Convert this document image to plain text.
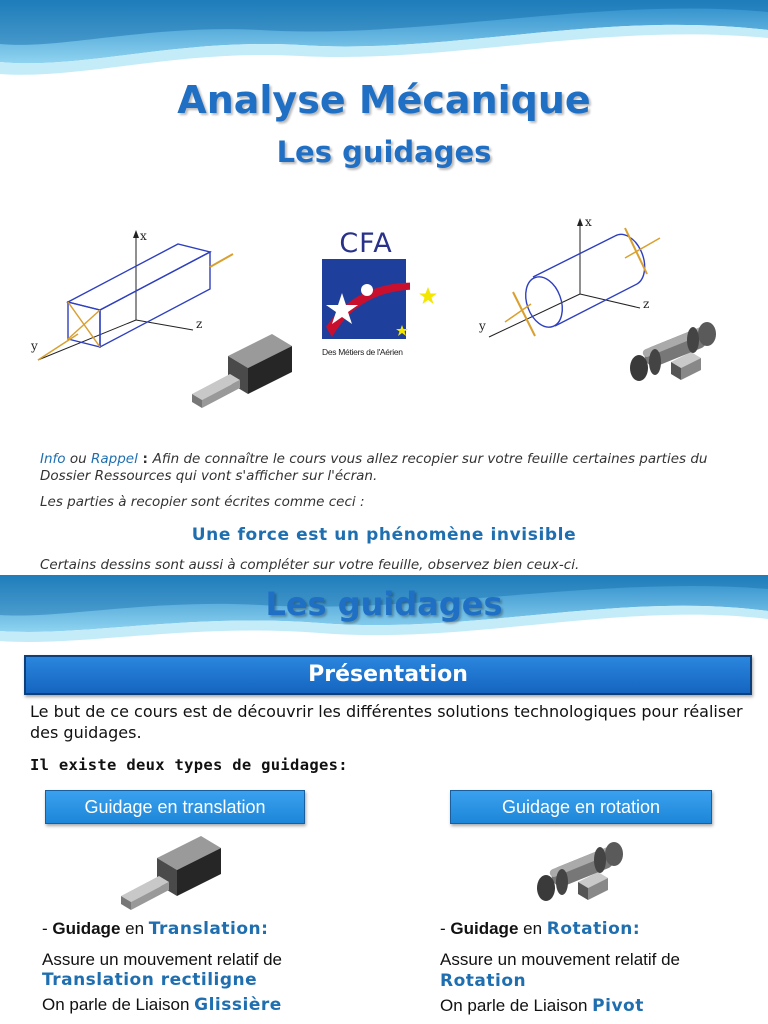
Analyse Mécanique
Les guidages
x
z
y
CFA
Des Métiers de l'Aérien
x
z
y
Info ou Rappel : Afin de connaître le cours vous allez recopier sur votre feuille certaines parties du Dossier Ressources qui vont s'afficher sur l'écran.
Les parties à recopier sont écrites comme ceci :
Une force est un phénomène invisible
Certains dessins sont aussi à compléter sur votre feuille, observez bien ceux-ci.
Les guidages
Présentation
Le but de ce cours est de découvrir les différentes solutions technologiques pour réaliser des guidages.
Il existe deux types de guidages:
Guidage en translation	Guidage en rotation
- Guidage en Translation:
Assure un mouvement relatif de
Translation rectiligne
On parle de Liaison Glissière
- Guidage en Rotation:
Assure un mouvement relatif de
Rotation
On parle de Liaison Pivot
